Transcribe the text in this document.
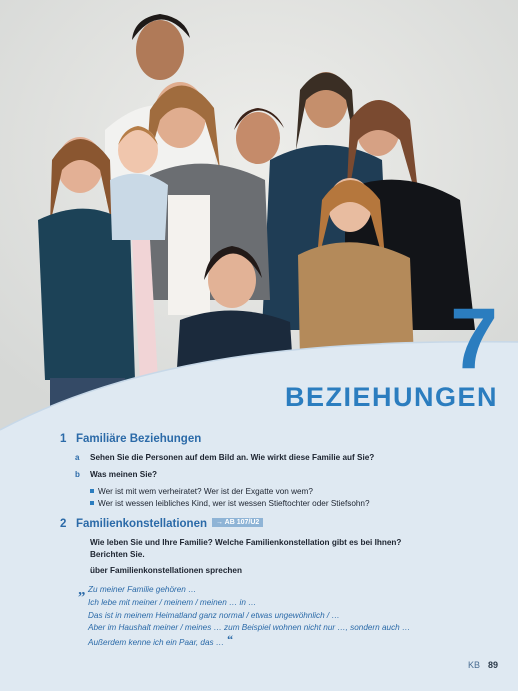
7
BEZIEHUNGEN
1 Familiäre Beziehungen
a Sehen Sie die Personen auf dem Bild an. Wie wirkt diese Familie auf Sie?
b Was meinen Sie?
Wer ist mit wem verheiratet? Wer ist der Exgatte von wem?
Wer ist wessen leibliches Kind, wer ist wessen Stieftochter oder Stiefsohn?
2 Familienkonstellationen → AB 107/U2
Wie leben Sie und Ihre Familie? Welche Familienkonstellation gibt es bei Ihnen?
Berichten Sie.
über Familienkonstellationen sprechen
„ Zu meiner Familie gehören …
Ich lebe mit meiner / meinem / meinen … in …
Das ist in meinem Heimatland ganz normal / etwas ungewöhnlich / …
Aber im Haushalt meiner / meines … zum Beispiel wohnen nicht nur …, sondern auch …
Außerdem kenne ich ein Paar, das … “
KB 89
